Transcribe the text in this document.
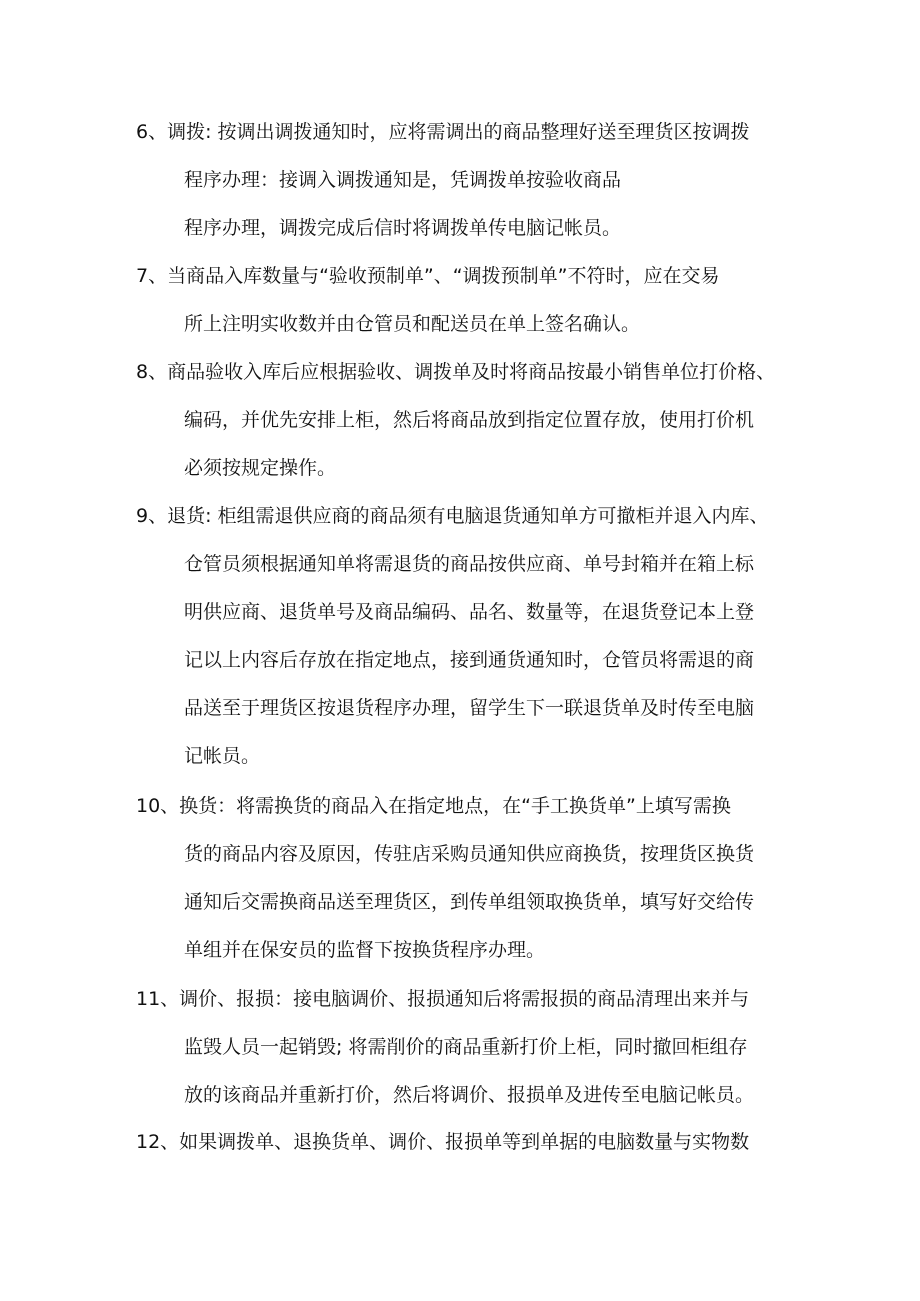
6、调拨: 按调出调拨通知时，应将需调出的商品整理好送至理货区按调拨
程序办理：接调入调拨通知是，凭调拨单按验收商品
程序办理，调拨完成后信时将调拨单传电脑记帐员。
7、当商品入库数量与“验收预制单”、“调拨预制单”不符时，应在交易
所上注明实收数并由仓管员和配送员在单上签名确认。
8、商品验收入库后应根据验收、调拨单及时将商品按最小销售单位打价格、
编码，并优先安排上柜，然后将商品放到指定位置存放，使用打价机
必须按规定操作。
9、退货: 柜组需退供应商的商品须有电脑退货通知单方可撤柜并退入内库、
仓管员须根据通知单将需退货的商品按供应商、单号封箱并在箱上标
明供应商、退货单号及商品编码、品名、数量等，在退货登记本上登
记以上内容后存放在指定地点，接到通货通知时，仓管员将需退的商
品送至于理货区按退货程序办理，留学生下一联退货单及时传至电脑
记帐员。
10、换货：将需换货的商品入在指定地点，在“手工换货单”上填写需换
货的商品内容及原因，传驻店采购员通知供应商换货，按理货区换货
通知后交需换商品送至理货区，到传单组领取换货单，填写好交给传
单组并在保安员的监督下按换货程序办理。
11、调价、报损：接电脑调价、报损通知后将需报损的商品清理出来并与
监毁人员一起销毁; 将需削价的商品重新打价上柜，同时撤回柜组存
放的该商品并重新打价，然后将调价、报损单及进传至电脑记帐员。
12、如果调拨单、退换货单、调价、报损单等到单据的电脑数量与实物数
